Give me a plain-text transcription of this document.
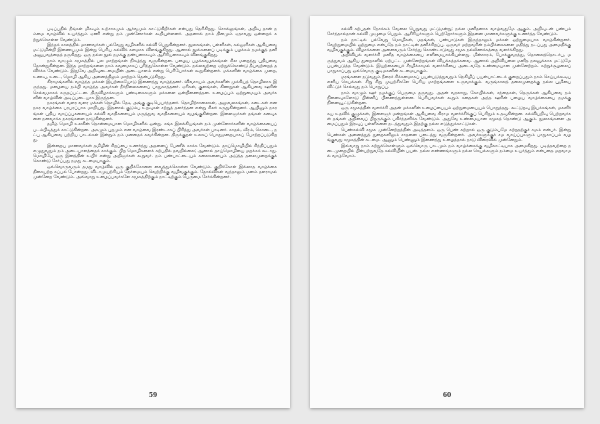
படிப்பதில் நீங்கள் மிகவும் உற்சாகமும் ஆர்வமும் காட்டுகிறீர்கள் என்பது தெரிகிறது. சொல்லுங்கள், அறிவு தான் நம்மை வாழ்வில் உயர்த்தும் ஏணி என்று நம் முன்னோர்கள் கூறியுள்ளனர். அதனால் நாம் தினமும் ஏதாவது ஒன்றைக் கற்றுக்கொள்ள வேண்டும்.

இந்தக் காலத்தில் மாணவர்கள் பல்வேறு வழிகளில் கல்வி பெறுகின்றனர். நூலகங்கள், பள்ளிகள், கல்லூரிகள் ஆகியவை மட்டுமின்றி இணையமும் இன்று பெரிய கல்விக் களமாக விளங்குகிறது. ஆனால் நூல்களைப் படிக்கும் பழக்கம் நமக்குத் தனி அனுபவத்தைத் தருகிறது. ஒரு நல்ல நூல் நமக்கு நண்பனாகவும் ஆசிரியனாகவும் விளங்குகிறது.

நாம் வாழும் சமூகத்தில் பல மாற்றங்கள் நிகழ்ந்து வருகின்றன. பழைய பழக்கவழக்கங்கள் சில மறைந்து புதியவை தோன்றுகின்றன. இந்த மாற்றங்களை நாம் கவனமாகப் புரிந்துகொள்ள வேண்டும். நல்லவற்றை ஏற்றுக்கொண்டு தீயவற்றைத் தவிர்க்க வேண்டும். இதுவே அறிவுடைமையின் அடையாளம் என்று பெரியோர்கள் கூறுகின்றனர். மக்களின் வாழ்க்கை முறை, உணவு, உடை, மொழி ஆகிய அனைத்திலும் மாற்றம் தென்படுகிறது.

கிராமங்களில் வாழ்ந்த மக்கள் இயற்கையோடு இணைந்து வாழ்ந்தனர். விவசாயம் அவர்களின் முக்கியத் தொழிலாக இருந்தது. மழையை நம்பி வாழ்ந்த அவர்கள் நீர்நிலைகளைப் பாதுகாத்தனர். ஏரிகள், குளங்கள், கிணறுகள் ஆகியவை ஊரின் செல்வமாகக் கருதப்பட்டன. திருவிழாக்களும் பண்டிகைகளும் மக்களை ஒன்றிணைத்தன. உழைப்பும் ஒற்றுமையும் அவர்களின் வாழ்வின் அடிப்படையாக இருந்தன.

நகரங்கள் வளர வளர மக்கள் தொழில் தேடி அங்கு குடிபெயர்ந்தனர். தொழிற்சாலைகள், அலுவலகங்கள், கடைகள் என நகர வாழ்க்கை பரபரப்பாக மாறியது. இதனால் குடும்ப உறவுகள் சற்றுத் தளர்ந்தன என்று சிலர் கருதுகின்றனர். ஆயினும் நகரங்கள் புதிய வாய்ப்புகளையும் கல்வி வசதிகளையும் மருத்துவ வசதிகளையும் வழங்குகின்றன. இளைஞர்கள் தங்கள் கனவுகளை நனவாக்க நகரங்களை நாடுகின்றனர்.

தமிழ் மொழி உலகின் தொன்மையான மொழிகளில் ஒன்று. சங்க இலக்கியங்கள் நம் முன்னோர்களின் வாழ்க்கையைப் படம்பிடித்துக் காட்டுகின்றன. அகமும் புறமும் என வாழ்வை இரண்டாகப் பிரித்து அவர்கள் பாடினர். காதல், வீரம், கொடை, நட்பு ஆகியவை பற்றிய பாடல்கள் இன்றும் நம் மனதைக் கவர்கின்றன. திருக்குறள் உலகப் பொதுமறையாகப் போற்றப்படுகிறது.

இன்றைய மாணவர்கள் தமிழின் சிறப்பை உணர்ந்து அதனைப் பேணிக் காக்க வேண்டும். தாய்மொழியில் சிந்திப்பதும் எழுதுவதும் நம் அடையாளத்தைக் காக்கும். பிற மொழிகளைக் கற்பதில் தவறில்லை; ஆனால் தாய்மொழியை மறக்கக் கூடாது. மொழியே ஒரு இனத்தின் உயிர் என்று அறிஞர்கள் கூறுவர். நம் பண்பாட்டையும் கலைகளையும் அடுத்த தலைமுறைக்குக் கொண்டு சேர்ப்பது நமது கடமையாகும்.

ஒவ்வொருவரும் தமது வாழ்வில் ஒரு குறிக்கோளை வைத்துக்கொள்ள வேண்டும். குறிக்கோள் இல்லாத வாழ்க்கை திசையற்ற கப்பல் போன்றது. விடாமுயற்சியும் நேர்மையும் வெற்றிக்கு வழிவகுக்கும். தோல்விகள் வந்தாலும் மனம் தளராமல் முன்னேற வேண்டும். அவ்வாறு உழைப்பவர்களே சமூகத்திற்கும் நாட்டிற்கும் பெருமை சேர்க்கின்றனர்.

59

கல்வி கற்பதன் நோக்கம் வேலை பெறுவது மட்டுமன்று; நல்ல மனிதனாக வாழ்வதுமே ஆகும். அறிவுடன் பண்பும் சேர்ந்தால்தான் கல்வி முழுமை பெறும். ஆசிரியர்களும் பெற்றோர்களும் இதனை மாணவர்களுக்கு உணர்த்த வேண்டும்.

நம் நாட்டில் பல்வேறு மொழிகள், மதங்கள், பண்பாடுகள் இருந்தாலும் மக்கள் ஒற்றுமையாக வாழ்கின்றனர். வேற்றுமையில் ஒற்றுமை என்பதே நம் நாட்டின் தனிச்சிறப்பு. ஒருவர் மற்றவரின் நம்பிக்கைகளை மதித்து நடப்பது அமைதிக்கு வழிவகுக்கும். விழாக்களை அனைவரும் சேர்ந்து கொண்டாடுவது சமூக நல்லிணக்கத்தை வளர்க்கிறது.

அறிவியல் வளர்ச்சி மனித வாழ்க்கையை எளிமையாக்கியுள்ளது. மின்சாரம், போக்குவரத்து, தொலைத்தொடர்பு, மருத்துவம் ஆகிய துறைகளில் ஏற்பட்ட முன்னேற்றங்கள் வியக்கத்தக்கவை. ஆனால் அறிவியலை மனித நலனுக்காக மட்டுமே பயன்படுத்த வேண்டும். இயற்கையைச் சீரழிக்காமல் வளர்ச்சியை அடைவதே உண்மையான முன்னேற்றம். சுற்றுச்சூழலைப் பாதுகாப்பது ஒவ்வொரு குடிமகனின் கடமையாகும்.

மரங்களை நடுவதும் நீரைச் சிக்கனமாகப் பயன்படுத்துவதும் நெகிழிப் பயன்பாட்டைக் குறைப்பதும் நாம் செய்யக்கூடிய எளிய செயல்கள். சிறு சிறு முயற்சிகளே பெரிய மாற்றங்களை உருவாக்கும். வருங்காலத் தலைமுறைக்கு நல்ல பூமியை விட்டுச் செல்வது நம் பொறுப்பு.

நாம் வாழும் ஊர் நமக்குப் பெருமை தருவது. அதன் வரலாறு, கோயில்கள், சந்தைகள், தெருக்கள் ஆகியவை நம் நினைவுகளோடு பின்னிப் பிணைந்துள்ளன. பெரியவர்கள் கூறும் கதைகள் அந்த ஊரின் பழைய வாழ்க்கையை நமக்கு நினைவூட்டுகின்றன.

ஒரு சமூகத்தின் வளர்ச்சி அதன் மக்களின் உழைப்பையும் ஒற்றுமையையும் பொறுத்தது. கூட்டுறவு இயக்கங்கள், மகளிர் சுய உதவிக் குழுக்கள், இளைஞர் மன்றங்கள் ஆகியவை கிராம வளர்ச்சிக்குப் பெரிதும் உதவுகின்றன. கல்வியறிவு பெற்றவர்கள் தங்கள் அறிவைப் பிறருக்கும் பகிர்ந்தளிக்க வேண்டும். அதுவே உண்மையான சமூகத் தொண்டு ஆகும். நூலகங்களை அமைப்பதும் இரவுப் பள்ளிகளை நடத்துவதும் இதற்கு நல்ல எடுத்துக்காட்டுகள்.

பெண்கல்வி சமூக முன்னேற்றத்தின் அடித்தளம். ஒரு பெண் கற்றால் ஒரு குடும்பமே கற்றதற்குச் சமம் என்பர். இன்று பெண்கள் அனைத்துத் துறைகளிலும் சாதனை படைத்து வருகின்றனர். அவர்களுக்குச் சம வாய்ப்புகளும் பாதுகாப்பும் வழங்குவது சமூகத்தின் கடமை. ஆணும் பெண்ணும் இணைந்து உழைத்தால் நாடு விரைவில் முன்னேறும்.

இவ்வாறு நாம் கற்றுக்கொள்ளும் ஒவ்வொரு பாடமும் நம் வாழ்க்கைக்கு வழிகாட்டியாக அமைகிறது. படித்தவற்றை நடைமுறையில் பின்பற்றுவதே கல்வியின் பயன். நல்ல எண்ணங்களும் நல்ல செயல்களும் நம்மை உயர்த்தும் என்பதை மறவாமல் வாழ்வோம்.

60
